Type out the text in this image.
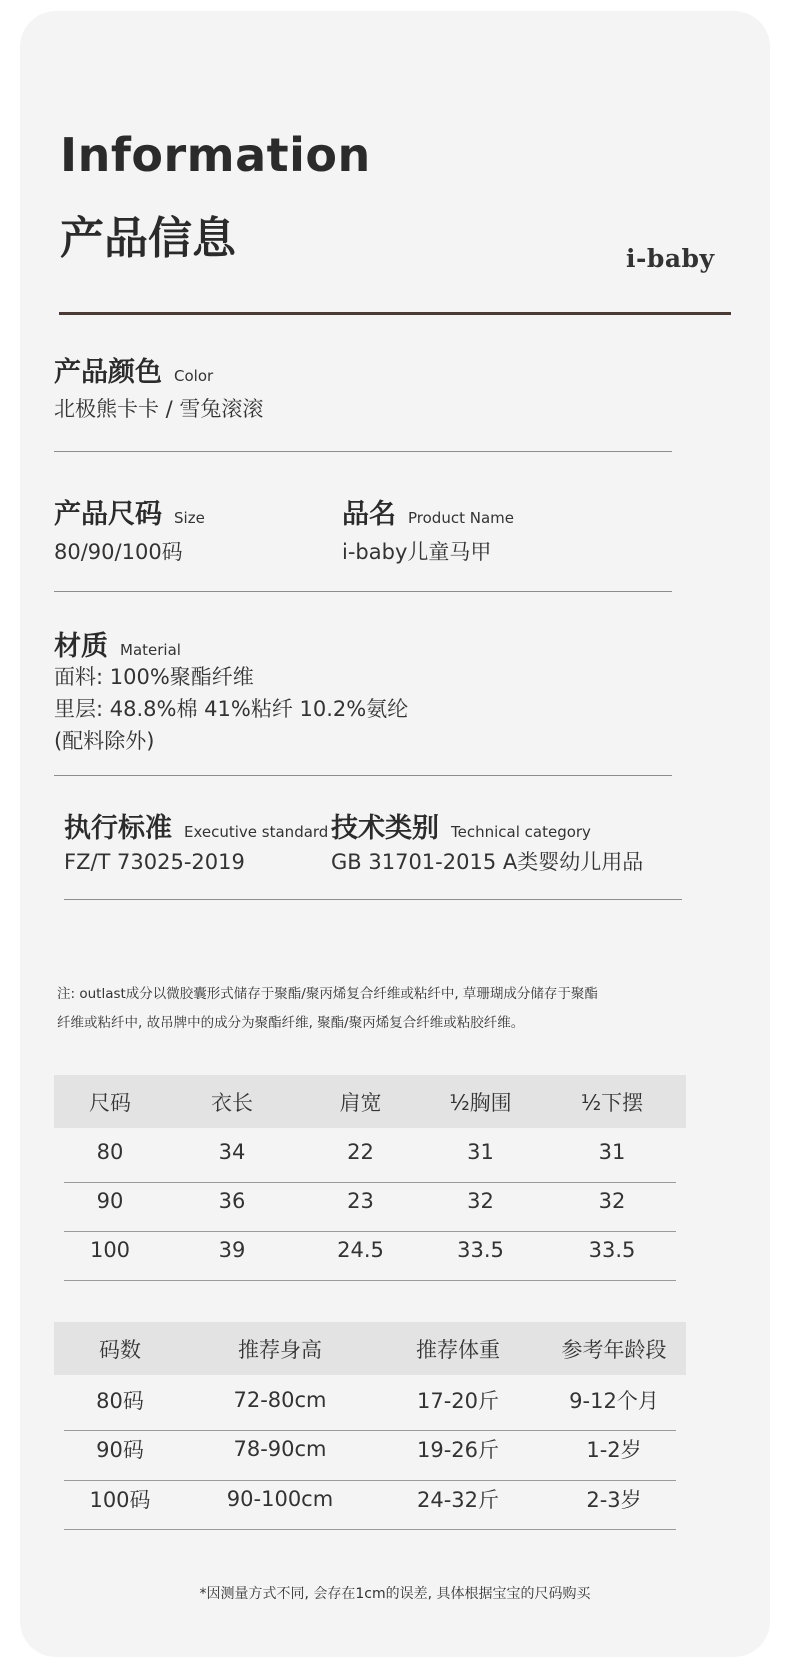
Information
产品信息	i-baby
产品颜色 Color
北极熊卡卡 / 雪兔滚滚
产品尺码 Size
80/90/100码
品名 Product Name
i-baby儿童马甲
材质 Material
面料: 100%聚酯纤维
里层: 48.8%棉 41%粘纤 10.2%氨纶
(配料除外)
执行标准 Executive standard
FZ/T 73025-2019
技术类别 Technical category
GB 31701-2015 A类婴幼儿用品
注: outlast成分以微胶囊形式储存于聚酯/聚丙烯复合纤维或粘纤中, 草珊瑚成分储存于聚酯
纤维或粘纤中, 故吊牌中的成分为聚酯纤维, 聚酯/聚丙烯复合纤维或粘胶纤维。
尺码	衣长	肩宽	½胸围	½下摆
80	34	22	31	31
90	36	23	32	32
100	39	24.5	33.5	33.5
码数	推荐身高	推荐体重	参考年龄段
80码	72-80cm	17-20斤	9-12个月
90码	78-90cm	19-26斤	1-2岁
100码	90-100cm	24-32斤	2-3岁
*因测量方式不同, 会存在1cm的误差, 具体根据宝宝的尺码购买
